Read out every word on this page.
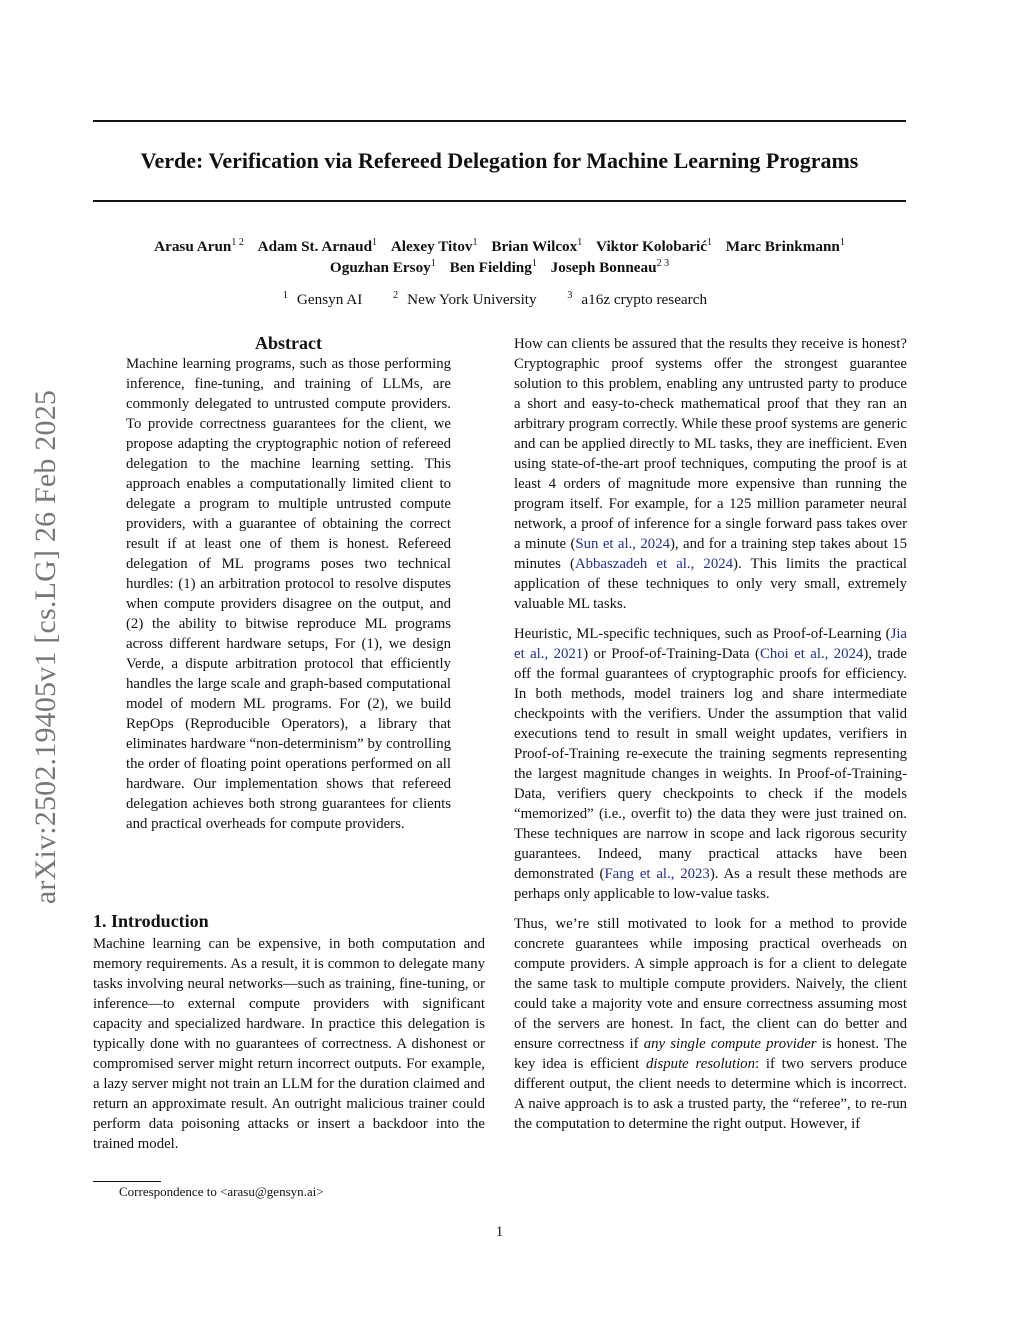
Verde: Verification via Refereed Delegation for Machine Learning Programs
Arasu Arun$^{1 2}$ Adam St. Arnaud$^1$ Alexey Titov$^1$ Brian Wilcox$^1$ Viktor Kolobarić$^1$ Marc Brinkmann$^1$
Oguzhan Ersoy$^1$ Ben Fielding$^1$ Joseph Bonneau$^{2 3}$
$^1$ Gensyn AI	$^2$ New York University	$^3$ a16z crypto research
arXiv:2502.19405v1 [cs.LG] 26 Feb 2025
Abstract
Machine learning programs, such as those performing inference, fine-tuning, and training of LLMs, are commonly delegated to untrusted compute providers. To provide correctness guarantees for the client, we propose adapting the cryptographic notion of refereed delegation to the machine learning setting. This approach enables a computationally limited client to delegate a program to multiple untrusted compute providers, with a guarantee of obtaining the correct result if at least one of them is honest. Refereed delegation of ML programs poses two technical hurdles: (1) an arbitration protocol to resolve disputes when compute providers disagree on the output, and (2) the ability to bitwise reproduce ML programs across different hardware setups, For (1), we design Verde, a dispute arbitration protocol that efficiently handles the large scale and graph-based computational model of modern ML programs. For (2), we build RepOps (Reproducible Operators), a library that eliminates hardware “non-determinism” by controlling the order of floating point operations performed on all hardware. Our implementation shows that refereed delegation achieves both strong guarantees for clients and practical overheads for compute providers.
1. Introduction
Machine learning can be expensive, in both computation and memory requirements. As a result, it is common to delegate many tasks involving neural networks—such as training, fine-tuning, or inference—to external compute providers with significant capacity and specialized hardware. In practice this delegation is typically done with no guarantees of correctness. A dishonest or compromised server might return incorrect outputs. For example, a lazy server might not train an LLM for the duration claimed and return an approximate result. An outright malicious trainer could perform data poisoning attacks or insert a backdoor into the trained model.
Correspondence to <arasu@gensyn.ai>

How can clients be assured that the results they receive is honest? Cryptographic proof systems offer the strongest guarantee solution to this problem, enabling any untrusted party to produce a short and easy-to-check mathematical proof that they ran an arbitrary program correctly. While these proof systems are generic and can be applied directly to ML tasks, they are inefficient. Even using state-of-the-art proof techniques, computing the proof is at least 4 orders of magnitude more expensive than running the program itself. For example, for a 125 million parameter neural network, a proof of inference for a single forward pass takes over a minute (Sun et al., 2024), and for a training step takes about 15 minutes (Abbaszadeh et al., 2024). This limits the practical application of these techniques to only very small, extremely valuable ML tasks.

Heuristic, ML-specific techniques, such as Proof-of-Learning (Jia et al., 2021) or Proof-of-Training-Data (Choi et al., 2024), trade off the formal guarantees of cryptographic proofs for efficiency. In both methods, model trainers log and share intermediate checkpoints with the verifiers. Under the assumption that valid executions tend to result in small weight updates, verifiers in Proof-of-Training re-execute the training segments representing the largest magnitude changes in weights. In Proof-of-Training-Data, verifiers query checkpoints to check if the models “memorized” (i.e., overfit to) the data they were just trained on. These techniques are narrow in scope and lack rigorous security guarantees. Indeed, many practical attacks have been demonstrated (Fang et al., 2023). As a result these methods are perhaps only applicable to low-value tasks.

Thus, we’re still motivated to look for a method to provide concrete guarantees while imposing practical overheads on compute providers. A simple approach is for a client to delegate the same task to multiple compute providers. Naively, the client could take a majority vote and ensure correctness assuming most of the servers are honest. In fact, the client can do better and ensure correctness if any single compute provider is honest. The key idea is efficient dispute resolution: if two servers produce different output, the client needs to determine which is incorrect. A naive approach is to ask a trusted party, the “referee”, to re-run the computation to determine the right output. However, if

1
